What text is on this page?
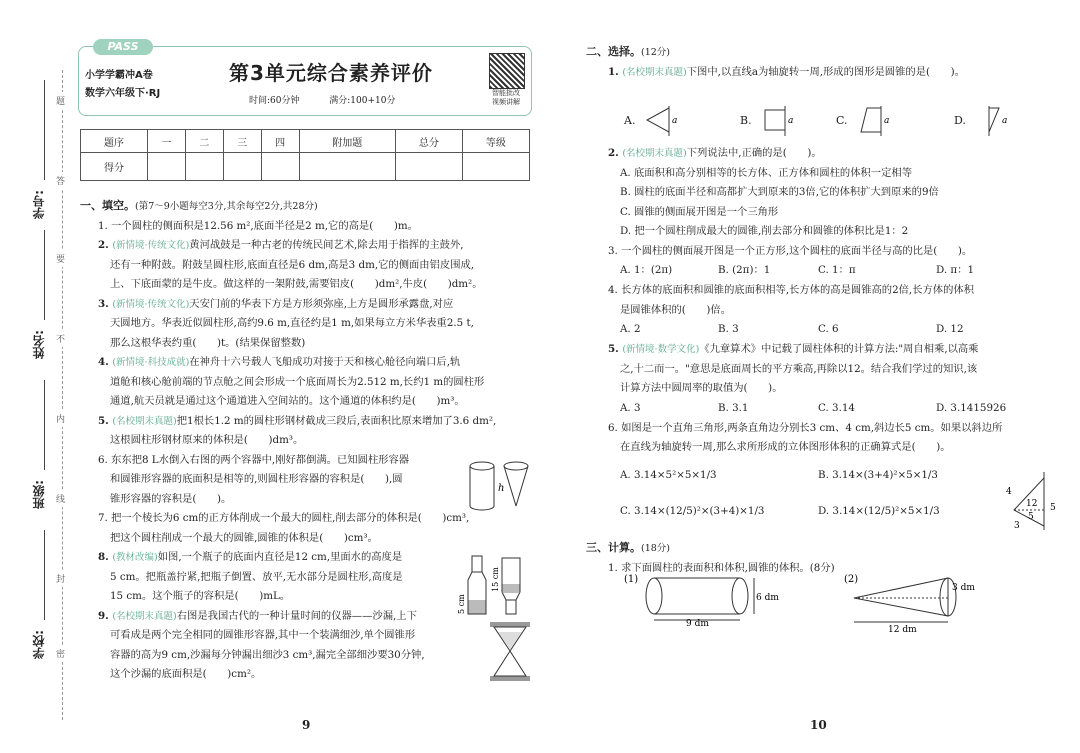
学号:
姓名:
班级:
学校:
题
答
要
不
内
线
封
密
PASS
小学学霸冲A卷
数学六年级下·RJ
第3单元综合素养评价
时间:60分钟	满分:100+10分
智能批改
视频讲解
题序	一	二	三	四	附加题	总分	等级
得分							
一、填空。(第7～9小题每空3分,其余每空2分,共28分)
1. 一个圆柱的侧面积是12.56 m²,底面半径是2 m,它的高是(　　)m。
2. (新情境·传统文化)黄河战鼓是一种古老的传统民间艺术,除去用于指挥的主鼓外,
还有一种附鼓。附鼓呈圆柱形,底面直径是6 dm,高是3 dm,它的侧面由铝皮围成,
上、下底面蒙的是牛皮。做这样的一架附鼓,需要铝皮(　　)dm²,牛皮(　　)dm²。
3. (新情境·传统文化)天安门前的华表下方是方形须弥座,上方是圆形承露盘,对应
天圆地方。华表近似圆柱形,高约9.6 m,直径约是1 m,如果每立方米华表重2.5 t,
那么这根华表约重(　　)t。(结果保留整数)
4. (新情境·科技成就)在神舟十六号载人飞船成功对接于天和核心舱径向端口后,轨
道舱和核心舱前端的节点舱之间会形成一个底面周长为2.512 m,长约1 m的圆柱形
通道,航天员就是通过这个通道进入空间站的。这个通道的体积约是(　　)m³。
5. (名校期末真题)把1根长1.2 m的圆柱形钢材截成三段后,表面积比原来增加了3.6 dm²,
这根圆柱形钢材原来的体积是(　　)dm³。
6. 东东把8 L水倒入右图的两个容器中,刚好都倒满。已知圆柱形容器
和圆锥形容器的底面积是相等的,则圆柱形容器的容积是(　　),圆
锥形容器的容积是(　　)。
7. 把一个棱长为6 cm的正方体削成一个最大的圆柱,削去部分的体积是(　　)cm³,
把这个圆柱削成一个最大的圆锥,圆锥的体积是(　　)cm³。
8. (教材改编)如图,一个瓶子的底面内直径是12 cm,里面水的高度是
5 cm。把瓶盖拧紧,把瓶子倒置、放平,无水部分是圆柱形,高度是
15 cm。这个瓶子的容积是(　　)mL。
9. (名校期末真题)右图是我国古代的一种计量时间的仪器——沙漏,上下
可看成是两个完全相同的圆锥形容器,其中一个装满细沙,单个圆锥形
容器的高为9 cm,沙漏每分钟漏出细沙3 cm³,漏完全部细沙要30分钟,
这个沙漏的底面积是(　　)cm²。
h
5 cm
15 cm
9
二、选择。(12分)
1. (名校期末真题)下图中,以直线a为轴旋转一周,形成的图形是圆锥的是(　　)。
A.	a	B.	a	C.	a	D.	a
2. (名校期末真题)下列说法中,正确的是(　　)。
A. 底面积和高分别相等的长方体、正方体和圆柱的体积一定相等
B. 圆柱的底面半径和高都扩大到原来的3倍,它的体积扩大到原来的9倍
C. 圆锥的侧面展开图是一个三角形
D. 把一个圆柱削成最大的圆锥,削去部分和圆锥的体积比是1：2
3. 一个圆柱的侧面展开图是一个正方形,这个圆柱的底面半径与高的比是(　　)。
A. 1：(2π)	B. (2π)：1	C. 1：π	D. π：1
4. 长方体的底面积和圆锥的底面积相等,长方体的高是圆锥高的2倍,长方体的体积
是圆锥体积的(　　)倍。
A. 2	B. 3	C. 6	D. 12
5. (新情境·数学文化)《九章算术》中记载了圆柱体积的计算方法:"周自相乘,以高乘
之,十二而一。"意思是底面周长的平方乘高,再除以12。结合我们学过的知识,该
计算方法中圆周率的取值为(　　)。
A. 3	B. 3.1	C. 3.14	D. 3.1415926
6. 如图是一个直角三角形,两条直角边分别长3 cm、4 cm,斜边长5 cm。如果以斜边所
在直线为轴旋转一周,那么求所形成的立体图形体积的正确算式是(　　)。
A. 3.14×5²×5×1/3	B. 3.14×(3+4)²×5×1/3
C. 3.14×(12/5)²×(3+4)×1/3	D. 3.14×(12/5)²×5×1/3
4
12
5
3
5
三、计算。(18分)
1. 求下面圆柱的表面积和体积,圆锥的体积。(8分)
(1)
6 dm
9 dm
(2)
3 dm
12 dm
10
